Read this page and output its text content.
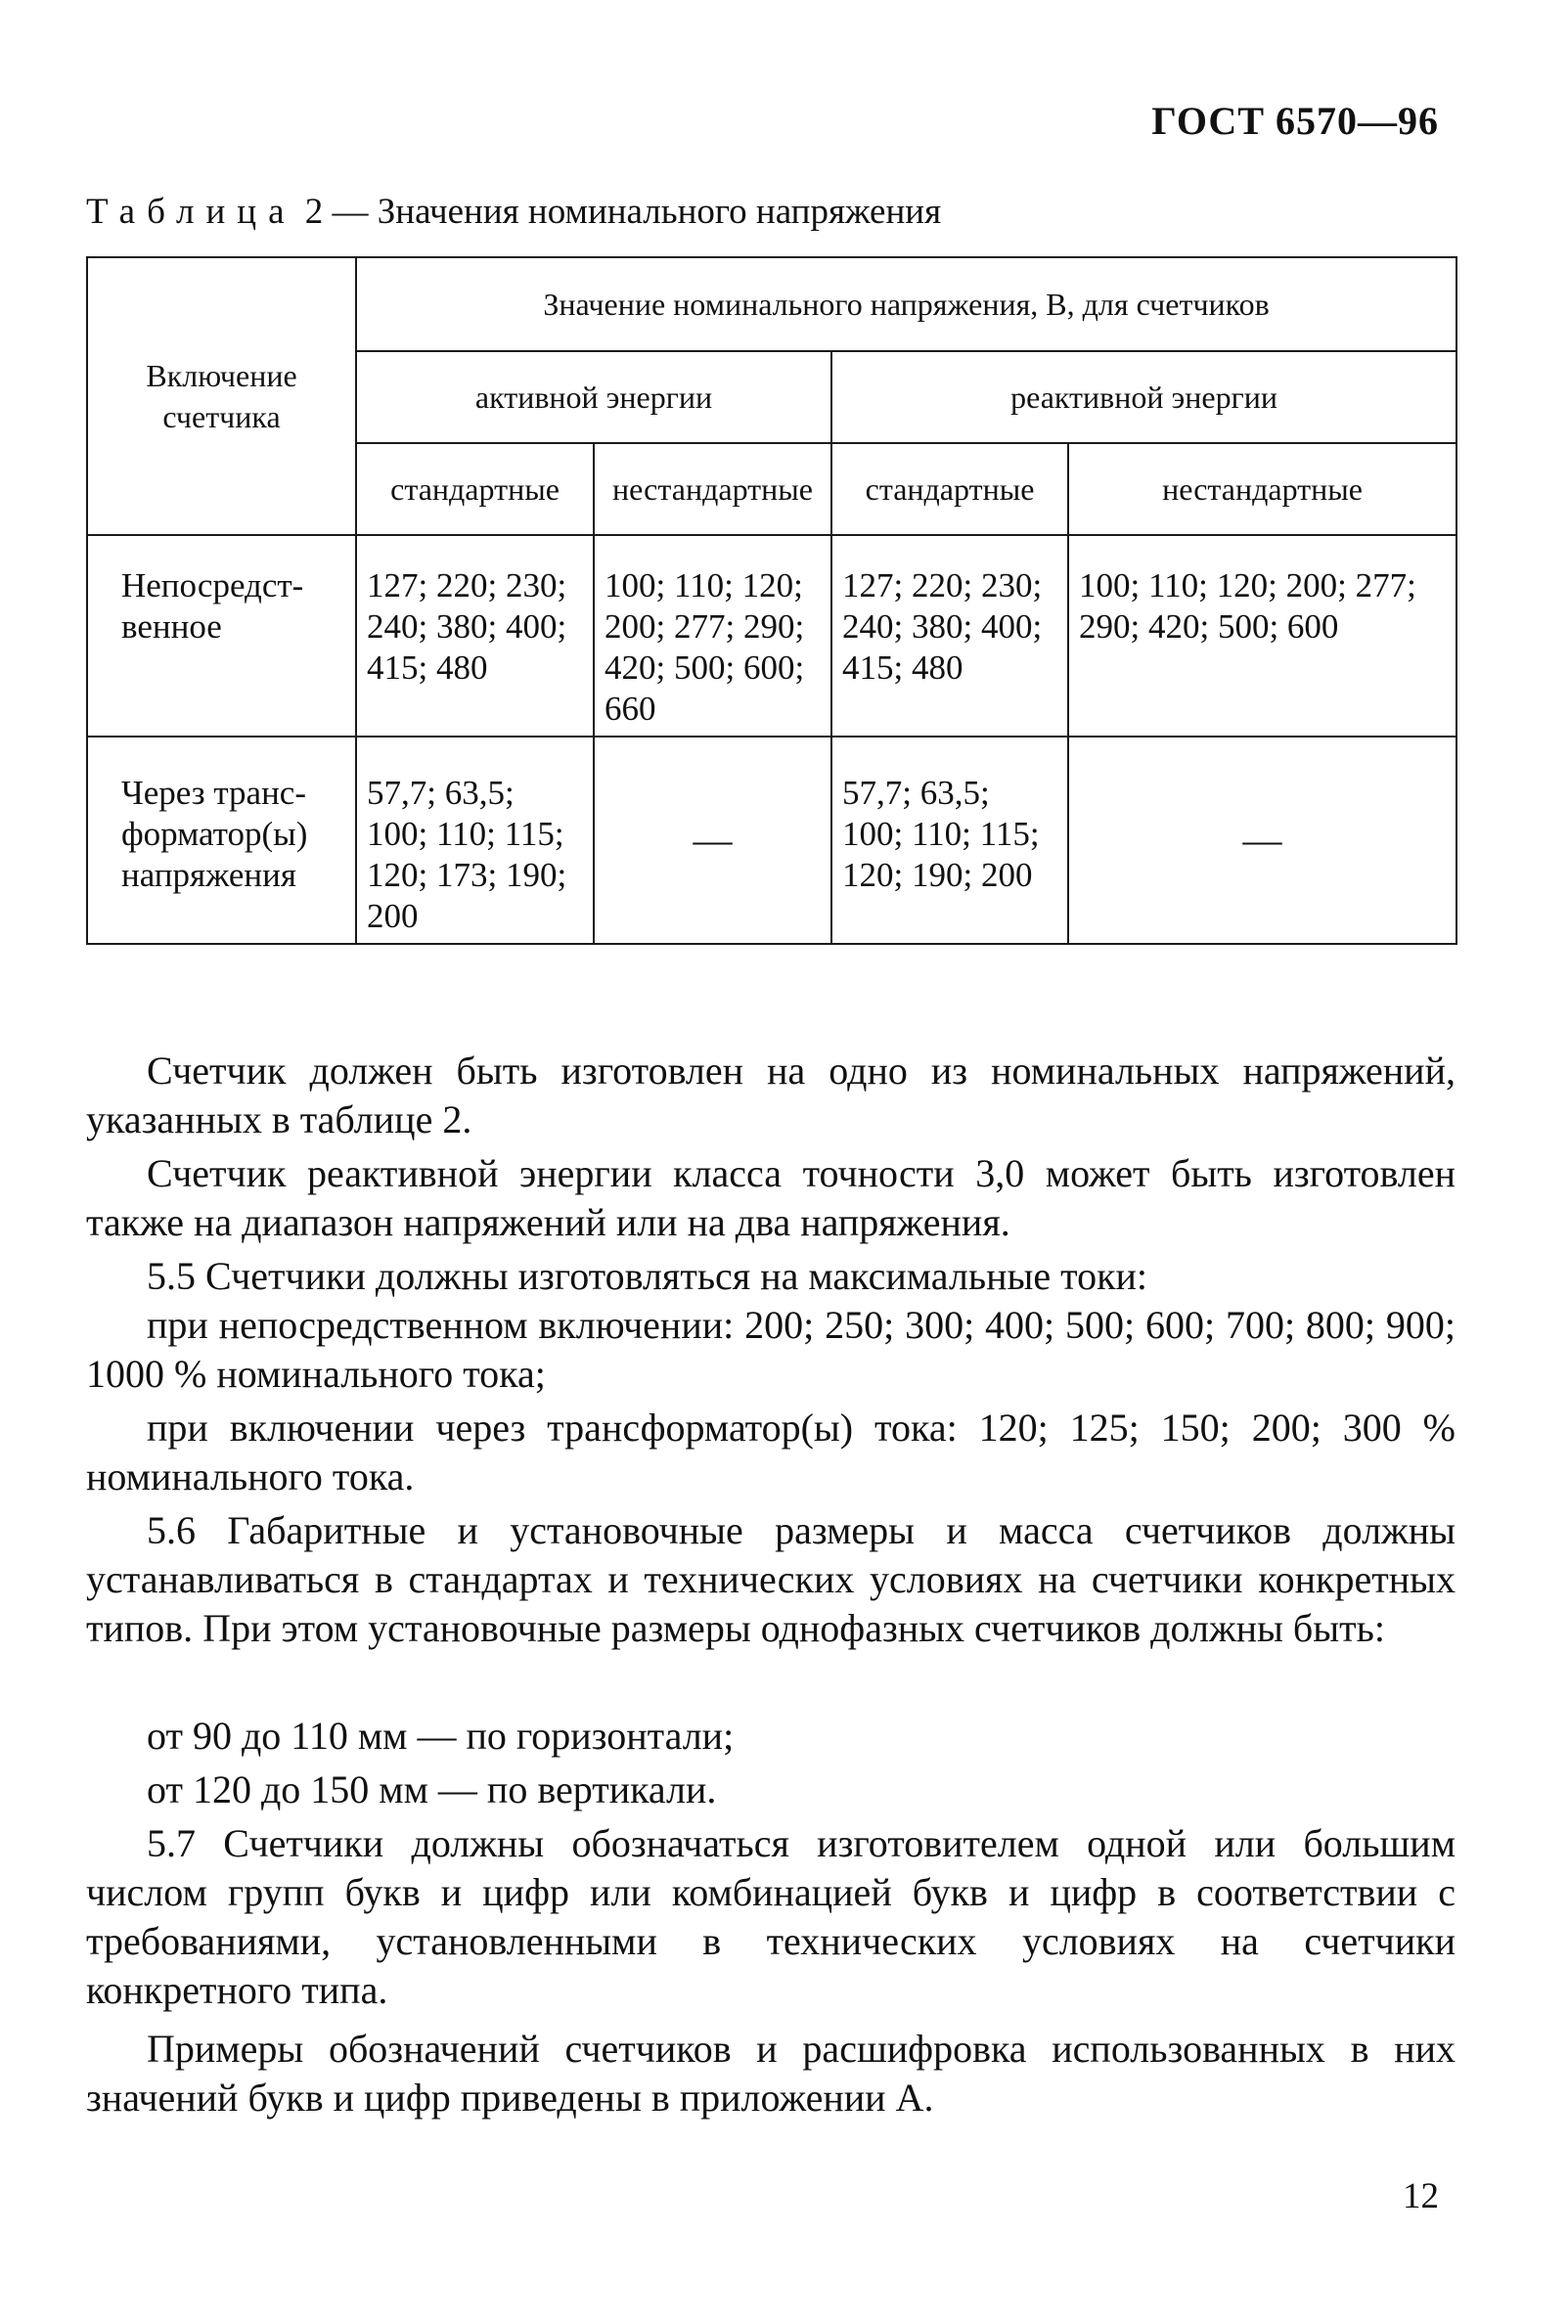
ГОСТ 6570—96
Таблица 2 — Значения номинального напряжения
Включение счетчика	Значение номинального напряжения, В, для счетчиков			
	активной энергии		реактивной энергии	
	стандартные	нестандартные	стандартные	нестандартные
Непосредст-венное	127; 220; 230; 240; 380; 400; 415; 480	100; 110; 120; 200; 277; 290; 420; 500; 600; 660	127; 220; 230; 240; 380; 400; 415; 480	100; 110; 120; 200; 277; 290; 420; 500; 600
Через транс-форматор(ы) напряжения	57,7; 63,5; 100; 110; 115; 120; 173; 190; 200	—	57,7; 63,5; 100; 110; 115; 120; 190; 200	—
Счетчик должен быть изготовлен на одно из номинальных напряжений, указанных в таблице 2.
Счетчик реактивной энергии класса точности 3,0 может быть изготовлен также на диапазон напряжений или на два напряжения.
5.5 Счетчики должны изготовляться на максимальные токи:
при непосредственном включении: 200; 250; 300; 400; 500; 600; 700; 800; 900; 1000 % номинального тока;
при включении через трансформатор(ы) тока: 120; 125; 150; 200; 300 % номинального тока.
5.6 Габаритные и установочные размеры и масса счетчиков должны устанавливаться в стандартах и технических условиях на счетчики конкретных типов. При этом установочные размеры однофазных счетчиков должны быть:
от 90 до 110 мм — по горизонтали;
от 120 до 150 мм — по вертикали.
5.7 Счетчики должны обозначаться изготовителем одной или большим числом групп букв и цифр или комбинацией букв и цифр в соответствии с требованиями, установленными в технических условиях на счетчики конкретного типа.
Примеры обозначений счетчиков и расшифровка использованных в них значений букв и цифр приведены в приложении А.
12
